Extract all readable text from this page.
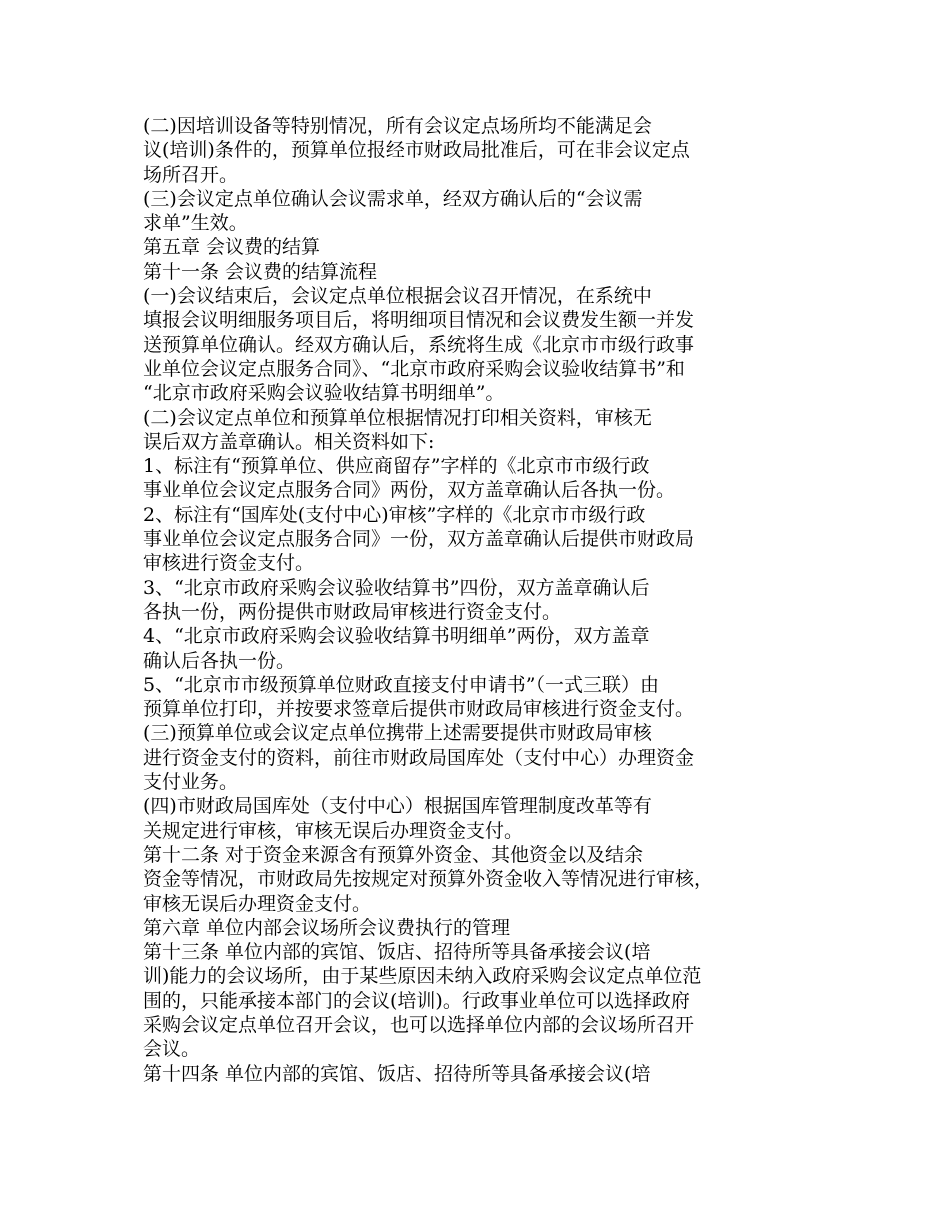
(二)因培训设备等特别情况，所有会议定点场所均不能满足会
议(培训)条件的，预算单位报经市财政局批准后，可在非会议定点
场所召开。
(三)会议定点单位确认会议需求单，经双方确认后的“会议需
求单”生效。
第五章 会议费的结算
第十一条 会议费的结算流程
(一)会议结束后，会议定点单位根据会议召开情况，在系统中
填报会议明细服务项目后，将明细项目情况和会议费发生额一并发
送预算单位确认。经双方确认后，系统将生成《北京市市级行政事
业单位会议定点服务合同》、“北京市政府采购会议验收结算书”和
“北京市政府采购会议验收结算书明细单”。
(二)会议定点单位和预算单位根据情况打印相关资料，审核无
误后双方盖章确认。相关资料如下:
1、标注有“预算单位、供应商留存”字样的《北京市市级行政
事业单位会议定点服务合同》两份，双方盖章确认后各执一份。
2、标注有“国库处(支付中心)审核”字样的《北京市市级行政
事业单位会议定点服务合同》一份，双方盖章确认后提供市财政局
审核进行资金支付。
3、“北京市政府采购会议验收结算书”四份，双方盖章确认后
各执一份，两份提供市财政局审核进行资金支付。
4、“北京市政府采购会议验收结算书明细单”两份，双方盖章
确认后各执一份。
5、“北京市市级预算单位财政直接支付申请书”（一式三联）由
预算单位打印，并按要求签章后提供市财政局审核进行资金支付。
(三)预算单位或会议定点单位携带上述需要提供市财政局审核
进行资金支付的资料，前往市财政局国库处（支付中心）办理资金
支付业务。
(四)市财政局国库处（支付中心）根据国库管理制度改革等有
关规定进行审核，审核无误后办理资金支付。
第十二条 对于资金来源含有预算外资金、其他资金以及结余
资金等情况，市财政局先按规定对预算外资金收入等情况进行审核，
审核无误后办理资金支付。
第六章 单位内部会议场所会议费执行的管理
第十三条 单位内部的宾馆、饭店、招待所等具备承接会议(培
训)能力的会议场所，由于某些原因未纳入政府采购会议定点单位范
围的，只能承接本部门的会议(培训)。行政事业单位可以选择政府
采购会议定点单位召开会议，也可以选择单位内部的会议场所召开
会议。
第十四条 单位内部的宾馆、饭店、招待所等具备承接会议(培
